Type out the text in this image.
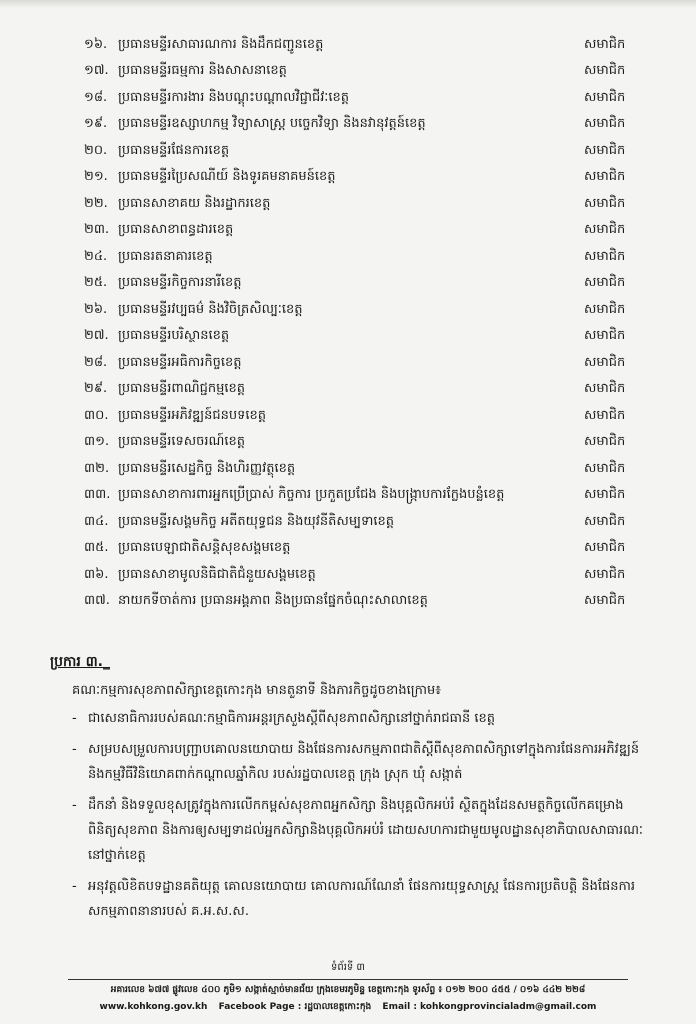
១៦. ប្រធានមន្ទីរសាធារណការ និងដឹកជញ្ជូនខេត្ត	សមាជិក
១៧. ប្រធានមន្ទីរធម្មការ និងសាសនាខេត្ត	សមាជិក
១៨. ប្រធានមន្ទីរការងារ និងបណ្តុះបណ្តាលវិជ្ជាជីវៈខេត្ត	សមាជិក
១៩. ប្រធានមន្ទីរឧស្សាហកម្ម វិទ្យាសាស្ត្រ បច្ចេកវិទ្យា និងនវានុវត្តន៍ខេត្ត	សមាជិក
២០. ប្រធានមន្ទីរផែនការខេត្ត	សមាជិក
២១. ប្រធានមន្ទីរប្រៃសណីយ៍ និងទូរគមនាគមន៍ខេត្ត	សមាជិក
២២. ប្រធានសាខាគយ និងរដ្ឋាករខេត្ត	សមាជិក
២៣. ប្រធានសាខាពន្ធដារខេត្ត	សមាជិក
២៤. ប្រធានរតនាគារខេត្ត	សមាជិក
២៥. ប្រធានមន្ទីរកិច្ចការនារីខេត្ត	សមាជិក
២៦. ប្រធានមន្ទីរវប្បធម៌ និងវិចិត្រសិល្បៈខេត្ត	សមាជិក
២៧. ប្រធានមន្ទីរបរិស្ថានខេត្ត	សមាជិក
២៨. ប្រធានមន្ទីរអធិការកិច្ចខេត្ត	សមាជិក
២៩. ប្រធានមន្ទីរពាណិជ្ជកម្មខេត្ត	សមាជិក
៣០. ប្រធានមន្ទីរអភិវឌ្ឍន៍ជនបទខេត្ត	សមាជិក
៣១. ប្រធានមន្ទីរទេសចរណ៍ខេត្ត	សមាជិក
៣២. ប្រធានមន្ទីរសេដ្ឋកិច្ច និងហិរញ្ញវត្ថុខេត្ត	សមាជិក
៣៣. ប្រធានសាខាការពារអ្នកប្រើប្រាស់ កិច្ចការ ប្រកួតប្រជែង និងបង្ក្រាបការក្លែងបន្លំខេត្ត	សមាជិក
៣៤. ប្រធានមន្ទីរសង្គមកិច្ច អតីតយុទ្ធជន និងយុវនីតិសម្បទាខេត្ត	សមាជិក
៣៥. ប្រធានបេឡាជាតិសន្តិសុខសង្គមខេត្ត	សមាជិក
៣៦. ប្រធានសាខាមូលនិធិជាតិជំនួយសង្គមខេត្ត	សមាជិក
៣៧. នាយកទីចាត់ការ ប្រធានអង្គភាព និងប្រធានផ្នែកចំណុះសាលាខេត្ត	សមាជិក
ប្រការ ៣._
គណៈកម្មការសុខភាពសិក្សាខេត្តកោះកុង មានតួនាទី និងភារកិច្ចដូចខាងក្រោម៖
- ជាសេនាធិការរបស់គណៈកម្មាធិការអន្តរក្រសួងស្តីពីសុខភាពសិក្សានៅថ្នាក់រាជធានី ខេត្ត
- សម្របសម្រួលការបញ្ជ្រាបគោលនយោបាយ និងផែនការសកម្មភាពជាតិស្តីពីសុខភាពសិក្សាទៅក្នុងការផែនការអភិវឌ្ឍន៍ និងកម្មវិធីវិនិយោគពាក់កណ្តាលឆ្នាំកិល របស់រដ្ឋបាលខេត្ត ក្រុង ស្រុក ឃុំ សង្កាត់
- ដឹកនាំ និងទទួលខុសត្រូវក្នុងការលើកកម្ពស់សុខភាពអ្នកសិក្សា និងបុគ្គលិកអប់រំ ស្ថិតក្នុងដែនសមត្ថកិច្ចលើកគម្រោងពិនិត្យសុខភាព និងការឲ្យសម្បទាដល់អ្នកសិក្សានិងបុគ្គលិកអប់រំ ដោយសហការជាមួយមូលដ្ឋានសុខាភិបាលសាធារណៈ នៅថ្នាក់ខេត្ត
- អនុវត្តលិខិតបទដ្ឋានគតិយុត្ត គោលនយោបាយ គោលការណ៍ណែនាំ ផែនការយុទ្ធសាស្ត្រ ផែនការប្រតិបត្តិ និងផែនការសកម្មភាពនានារបស់ គ.អ.ស.ស.
ទំព័រទី ៣
អគារលេខ ៦៧៧ ផ្លូវលេខ ៤០០ ភូមិ១ សង្កាត់ស្មាច់មានជ័យ ក្រុងខេមរភូមិន្ទ ខេត្តកោះកុង ទូរស័ព្ទ ៖ ០១២ ២០០ ៤៥៥ / ០១៦ ៤៤២ ២២៨
www.kohkong.gov.kh Facebook Page : រដ្ឋបាលខេត្តកោះកុង Email : kohkongprovincialadm@gmail.com
